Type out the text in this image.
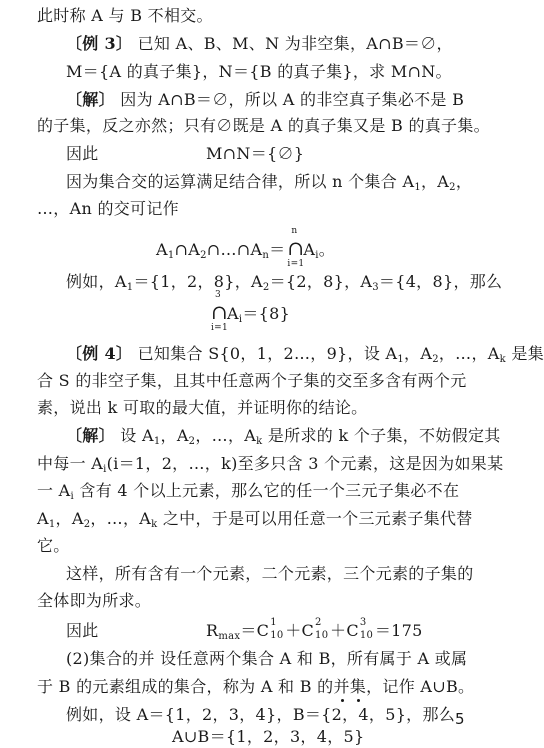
此时称 A 与 B 不相交。
〔例 3〕 已知 A、B、M、N 为非空集，A∩B＝∅，
M＝{A 的真子集}，N＝{B 的真子集}，求 M∩N。
〔解〕 因为 A∩B＝∅，所以 A 的非空真子集必不是 B
的子集，反之亦然；只有∅既是 A 的真子集又是 B 的真子集。
因此	M∩N＝{∅}
因为集合交的运算满足结合律，所以 n 个集合 $A_1$，$A_2$，
…，An 的交可记作
$A_1\cap A_2\cap\dots\cap A_n=$
n
∩
i=1
$A_i$。
例如，$A_1=\{1$，2，8}，$A_2=\{2$，8}，$A_3=\{4$，8}，那么
3
∩
i=1
$A_i=\{8\}$
〔例 4〕 已知集合 S{0，1，2…，9}，设 $A_1$，$A_2$，…，$A_k$ 是集
合 S 的非空子集，且其中任意两个子集的交至多含有两个元
素，说出 k 可取的最大值，并证明你的结论。
〔解〕 设 $A_1$，$A_2$，…，$A_k$ 是所求的 k 个子集，不妨假定其
中每一 $A_i(i=1$，2，…，k)至多只含 3 个元素，这是因为如果某
一 $A_i$ 含有 4 个以上元素，那么它的任一个三元子集必不在
$A_1$，$A_2$，…，$A_k$ 之中，于是可以用任意一个三元素子集代替
它。
这样，所有含有一个元素，二个元素，三个元素的子集的
全体即为所求。
因此	$R_{max}=C$ 1
10 ＋C 2
10 ＋C 3
10 ＝175
(2)集合的并 设任意两个集合 A 和 B，所有属于 A 或属
于 B 的元素组成的集合，称为 A 和 B 的并
集
，记作 A∪B。
例如，设 A＝{1，2，3，4}，B＝{2，4，5}，那么
A∪B＝{1，2，3，4，5}
5
